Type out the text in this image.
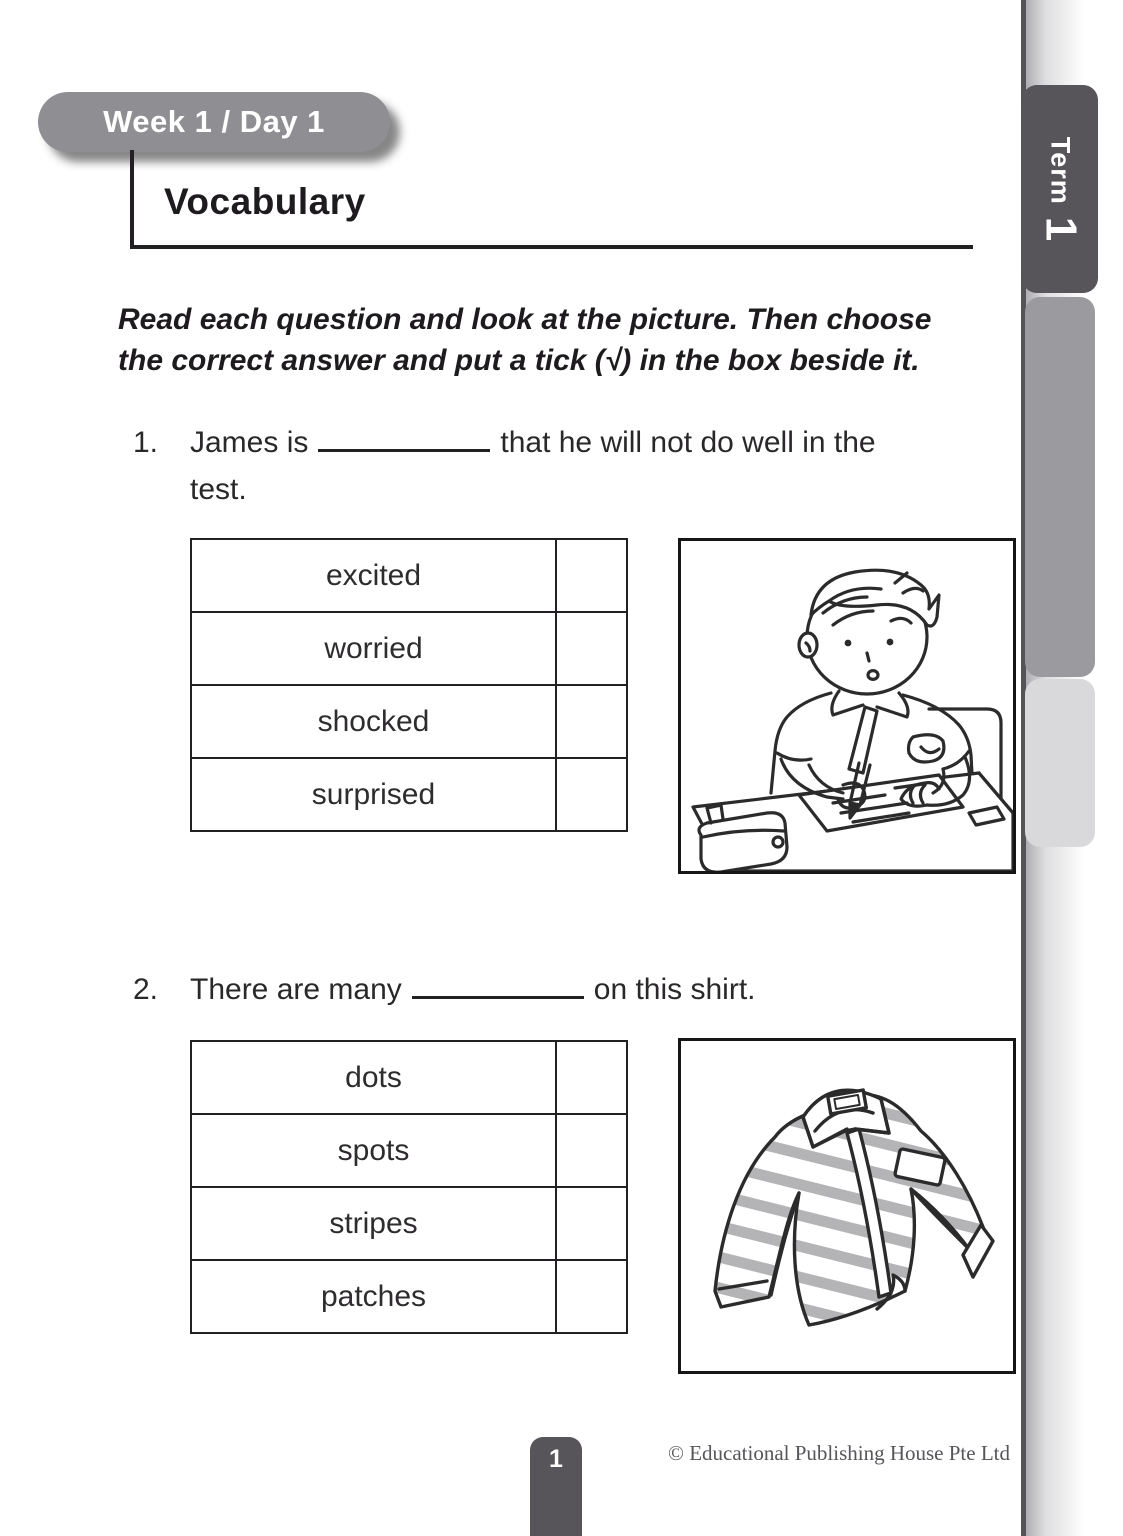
Term
1
Week 1 / Day 1
Vocabulary
Read each question and look at the picture. Then choose
the correct answer and put a tick (√) in the box beside it.
1. James is	that he will not do well in the
test.
excited
worried
shocked
surprised
2. There are many	on this shirt.

dots
spots
stripes
patches
1	© Educational Publishing House Pte Ltd
